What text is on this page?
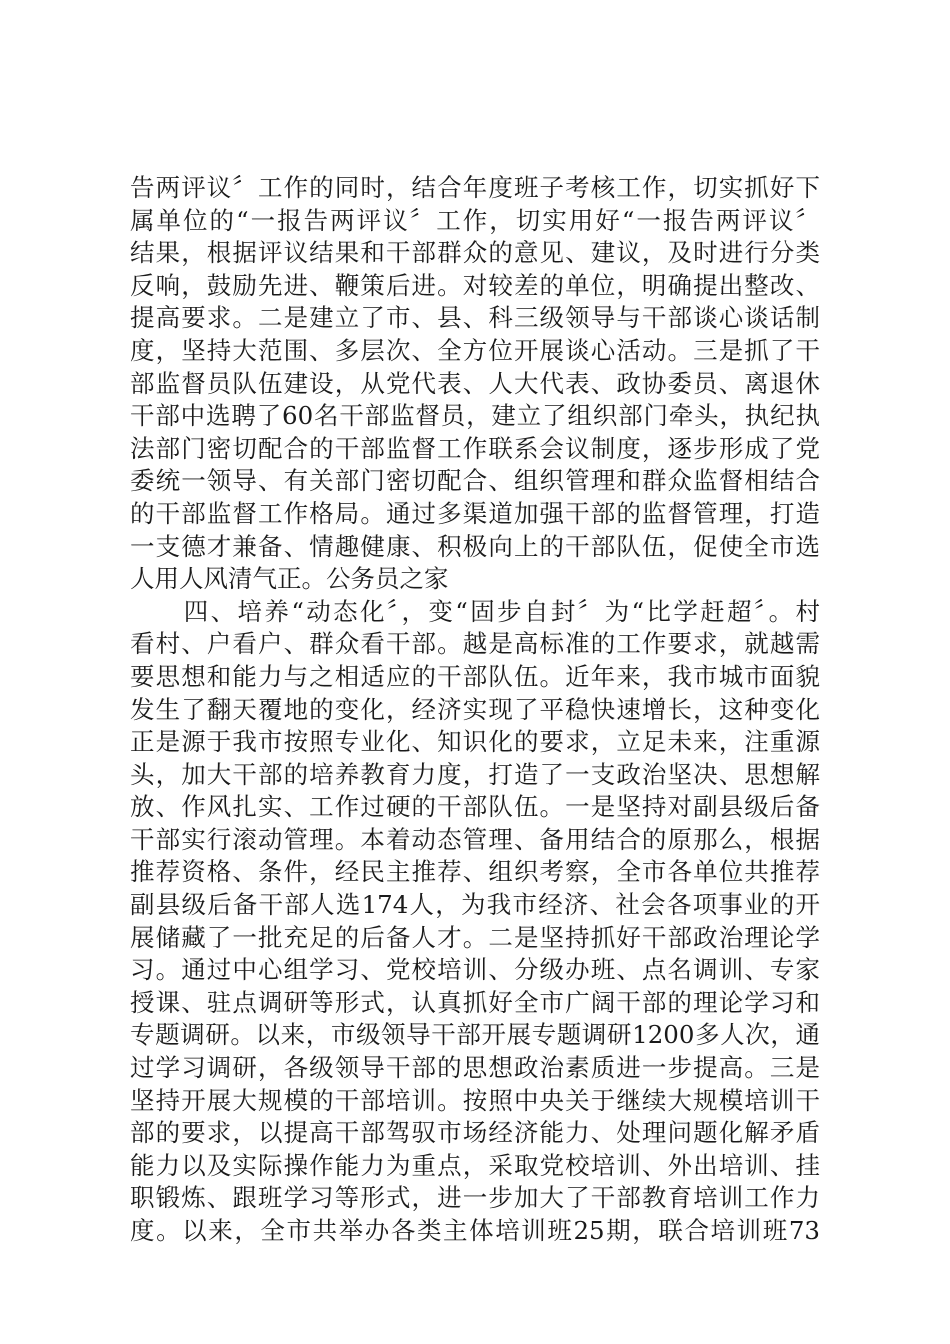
告两评议〞工作的同时，结合年度班子考核工作，切实抓好下
属单位的“一报告两评议〞工作，切实用好“一报告两评议〞
结果，根据评议结果和干部群众的意见、建议，及时进行分类
反响，鼓励先进、鞭策后进。对较差的单位，明确提出整改、
提高要求。二是建立了市、县、科三级领导与干部谈心谈话制
度，坚持大范围、多层次、全方位开展谈心活动。三是抓了干
部监督员队伍建设，从党代表、人大代表、政协委员、离退休
干部中选聘了60名干部监督员，建立了组织部门牵头，执纪执
法部门密切配合的干部监督工作联系会议制度，逐步形成了党
委统一领导、有关部门密切配合、组织管理和群众监督相结合
的干部监督工作格局。通过多渠道加强干部的监督管理，打造
一支德才兼备、情趣健康、积极向上的干部队伍，促使全市选
人用人风清气正。公务员之家
　　四、培养“动态化〞，变“固步自封〞为“比学赶超〞。村
看村、户看户、群众看干部。越是高标准的工作要求，就越需
要思想和能力与之相适应的干部队伍。近年来，我市城市面貌
发生了翻天覆地的变化，经济实现了平稳快速增长，这种变化
正是源于我市按照专业化、知识化的要求，立足未来，注重源
头，加大干部的培养教育力度，打造了一支政治坚决、思想解
放、作风扎实、工作过硬的干部队伍。一是坚持对副县级后备
干部实行滚动管理。本着动态管理、备用结合的原那么，根据
推荐资格、条件，经民主推荐、组织考察，全市各单位共推荐
副县级后备干部人选174人，为我市经济、社会各项事业的开
展储藏了一批充足的后备人才。二是坚持抓好干部政治理论学
习。通过中心组学习、党校培训、分级办班、点名调训、专家
授课、驻点调研等形式，认真抓好全市广阔干部的理论学习和
专题调研。以来，市级领导干部开展专题调研1200多人次，通
过学习调研，各级领导干部的思想政治素质进一步提高。三是
坚持开展大规模的干部培训。按照中央关于继续大规模培训干
部的要求，以提高干部驾驭市场经济能力、处理问题化解矛盾
能力以及实际操作能力为重点，采取党校培训、外出培训、挂
职锻炼、跟班学习等形式，进一步加大了干部教育培训工作力
度。以来，全市共举办各类主体培训班25期，联合培训班73
